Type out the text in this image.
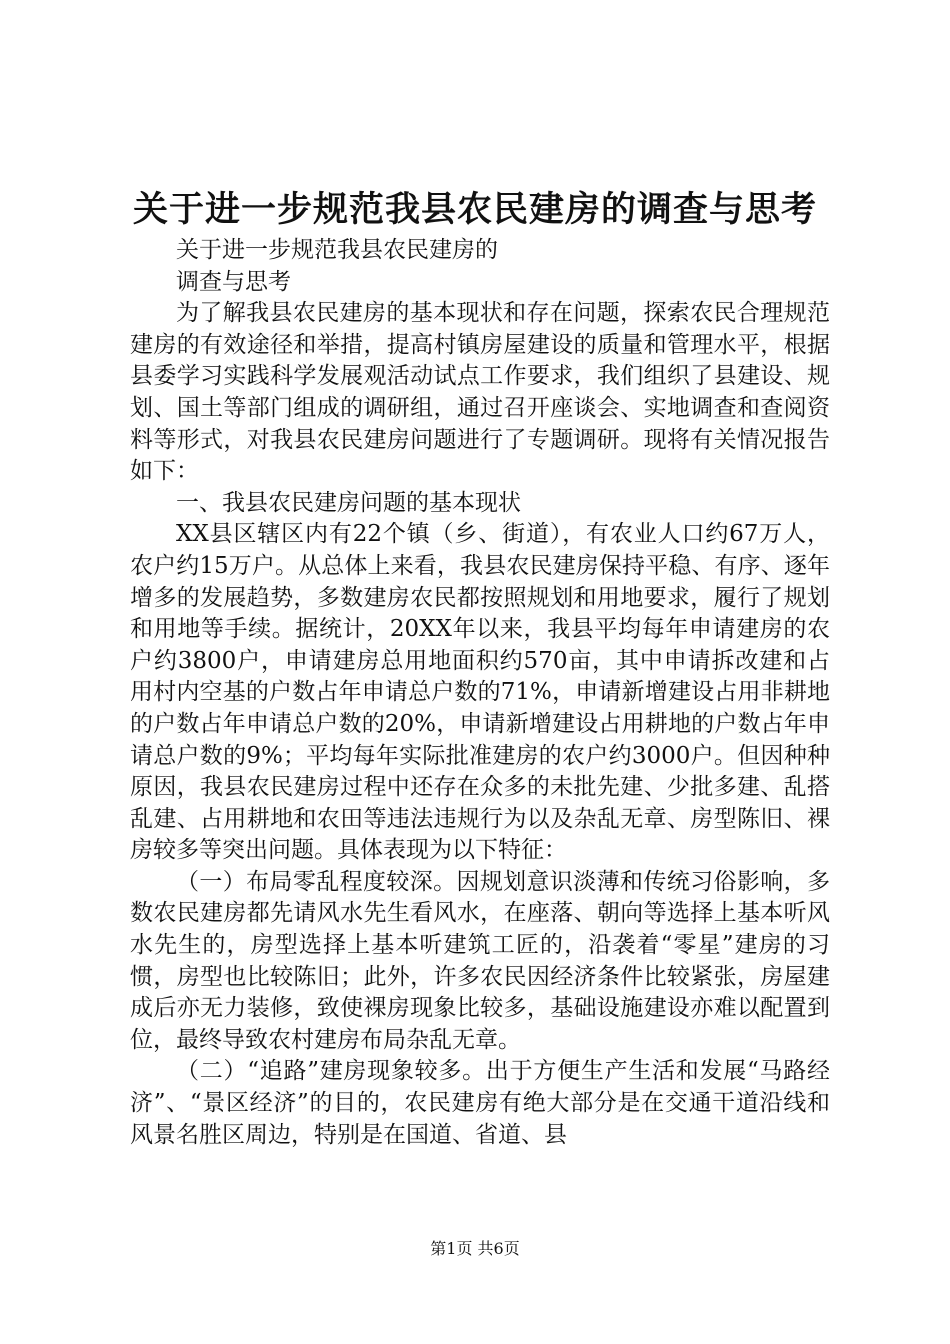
关于进一步规范我县农民建房的调查与思考

关于进一步规范我县农民建房的

调查与思考

为了解我县农民建房的基本现状和存在问题，探索农民合理规范建房的有效途径和举措，提高村镇房屋建设的质量和管理水平，根据县委学习实践科学发展观活动试点工作要求，我们组织了县建设、规划、国土等部门组成的调研组，通过召开座谈会、实地调查和查阅资料等形式，对我县农民建房问题进行了专题调研。现将有关情况报告如下：

一、我县农民建房问题的基本现状

XX县区辖区内有22个镇（乡、街道），有农业人口约67万人，农户约15万户。从总体上来看，我县农民建房保持平稳、有序、逐年增多的发展趋势，多数建房农民都按照规划和用地要求，履行了规划和用地等手续。据统计，20XX年以来，我县平均每年申请建房的农户约3800户，申请建房总用地面积约570亩，其中申请拆改建和占用村内空基的户数占年申请总户数的71%，申请新增建设占用非耕地的户数占年申请总户数的20%，申请新增建设占用耕地的户数占年申请总户数的9%；平均每年实际批准建房的农户约3000户。但因种种原因，我县农民建房过程中还存在众多的未批先建、少批多建、乱搭乱建、占用耕地和农田等违法违规行为以及杂乱无章、房型陈旧、裸房较多等突出问题。具体表现为以下特征：

（一）布局零乱程度较深。因规划意识淡薄和传统习俗影响，多数农民建房都先请风水先生看风水，在座落、朝向等选择上基本听风水先生的，房型选择上基本听建筑工匠的，沿袭着“零星”建房的习惯，房型也比较陈旧；此外，许多农民因经济条件比较紧张，房屋建成后亦无力装修，致使裸房现象比较多，基础设施建设亦难以配置到位，最终导致农村建房布局杂乱无章。

（二）“追路”建房现象较多。出于方便生产生活和发展“马路经济”、“景区经济”的目的，农民建房有绝大部分是在交通干道沿线和风景名胜区周边，特别是在国道、省道、县

第1页 共6页
